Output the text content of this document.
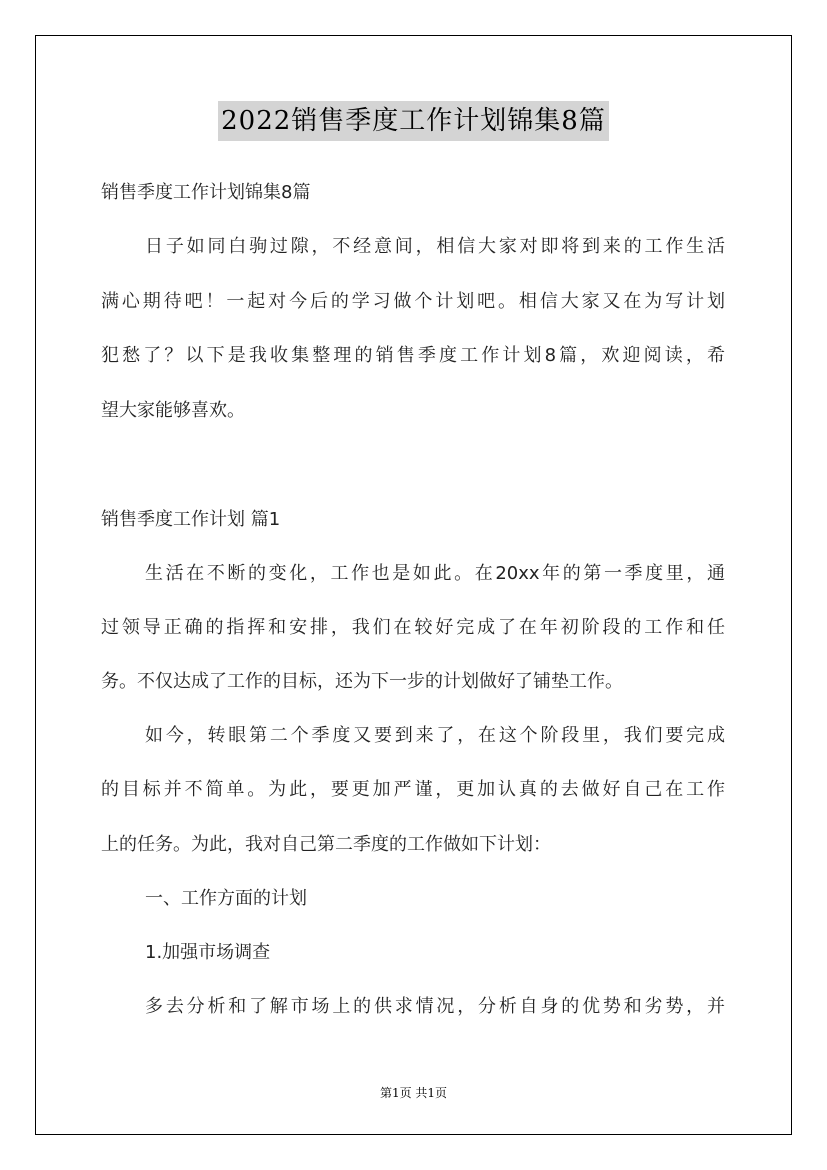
2022销售季度工作计划锦集8篇
销售季度工作计划锦集8篇
日子如同白驹过隙，不经意间，相信大家对即将到来的工作生活
满心期待吧！一起对今后的学习做个计划吧。相信大家又在为写计划
犯愁了？以下是我收集整理的销售季度工作计划8篇，欢迎阅读，希
望大家能够喜欢。
销售季度工作计划 篇1
生活在不断的变化，工作也是如此。在20xx年的第一季度里，通
过领导正确的指挥和安排，我们在较好完成了在年初阶段的工作和任
务。不仅达成了工作的目标，还为下一步的计划做好了铺垫工作。
如今，转眼第二个季度又要到来了，在这个阶段里，我们要完成
的目标并不简单。为此，要更加严谨，更加认真的去做好自己在工作
上的任务。为此，我对自己第二季度的工作做如下计划：
一、工作方面的计划
1.加强市场调查
多去分析和了解市场上的供求情况，分析自身的优势和劣势，并
第1页 共1页
